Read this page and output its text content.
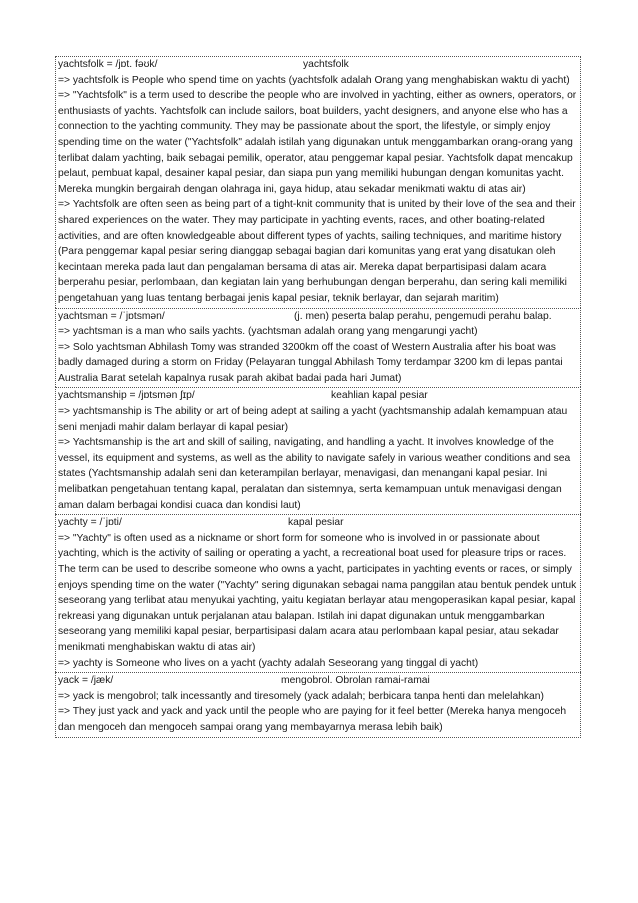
yachtsfolk = /jɒt. fəʊk/	yachtsfolk

=> yachtsfolk is People who spend time on yachts (yachtsfolk adalah Orang yang menghabiskan waktu di yacht)

=> "Yachtsfolk" is a term used to describe the people who are involved in yachting, either as owners, operators, or enthusiasts of yachts. Yachtsfolk can include sailors, boat builders, yacht designers, and anyone else who has a connection to the yachting community. They may be passionate about the sport, the lifestyle, or simply enjoy spending time on the water ("Yachtsfolk" adalah istilah yang digunakan untuk menggambarkan orang-orang yang terlibat dalam yachting, baik sebagai pemilik, operator, atau penggemar kapal pesiar. Yachtsfolk dapat mencakup pelaut, pembuat kapal, desainer kapal pesiar, dan siapa pun yang memiliki hubungan dengan komunitas yacht. Mereka mungkin bergairah dengan olahraga ini, gaya hidup, atau sekadar menikmati waktu di atas air)

=> Yachtsfolk are often seen as being part of a tight-knit community that is united by their love of the sea and their shared experiences on the water. They may participate in yachting events, races, and other boating-related activities, and are often knowledgeable about different types of yachts, sailing techniques, and maritime history (Para penggemar kapal pesiar sering dianggap sebagai bagian dari komunitas yang erat yang disatukan oleh kecintaan mereka pada laut dan pengalaman bersama di atas air. Mereka dapat berpartisipasi dalam acara berperahu pesiar, perlombaan, dan kegiatan lain yang berhubungan dengan berperahu, dan sering kali memiliki pengetahuan yang luas tentang berbagai jenis kapal pesiar, teknik berlayar, dan sejarah maritim)

yachtsman = /ˈjɒtsmən/	(j. men) peserta balap perahu, pengemudi perahu balap.

=> yachtsman is a man who sails yachts. (yachtsman adalah orang yang mengarungi yacht)

=> Solo yachtsman Abhilash Tomy was stranded 3200km off the coast of Western Australia after his boat was badly damaged during a storm on Friday (Pelayaran tunggal Abhilash Tomy terdampar 3200 km di lepas pantai Australia Barat setelah kapalnya rusak parah akibat badai pada hari Jumat)

yachtsmanship = /jɒtsmən ʃɪp/	keahlian kapal pesiar

=> yachtsmanship is The ability or art of being adept at sailing a yacht (yachtsmanship adalah kemampuan atau seni menjadi mahir dalam berlayar di kapal pesiar)

=> Yachtsmanship is the art and skill of sailing, navigating, and handling a yacht. It involves knowledge of the vessel, its equipment and systems, as well as the ability to navigate safely in various weather conditions and sea states (Yachtsmanship adalah seni dan keterampilan berlayar, menavigasi, dan menangani kapal pesiar. Ini melibatkan pengetahuan tentang kapal, peralatan dan sistemnya, serta kemampuan untuk menavigasi dengan aman dalam berbagai kondisi cuaca dan kondisi laut)

yachty = /ˈjɒti/	kapal pesiar

=> "Yachty" is often used as a nickname or short form for someone who is involved in or passionate about yachting, which is the activity of sailing or operating a yacht, a recreational boat used for pleasure trips or races. The term can be used to describe someone who owns a yacht, participates in yachting events or races, or simply enjoys spending time on the water ("Yachty" sering digunakan sebagai nama panggilan atau bentuk pendek untuk seseorang yang terlibat atau menyukai yachting, yaitu kegiatan berlayar atau mengoperasikan kapal pesiar, kapal rekreasi yang digunakan untuk perjalanan atau balapan. Istilah ini dapat digunakan untuk menggambarkan seseorang yang memiliki kapal pesiar, berpartisipasi dalam acara atau perlombaan kapal pesiar, atau sekadar menikmati menghabiskan waktu di atas air)

=> yachty is Someone who lives on a yacht (yachty adalah Seseorang yang tinggal di yacht)

yack = /jæk/	mengobrol. Obrolan ramai-ramai

=> yack is mengobrol; talk incessantly and tiresomely (yack adalah; berbicara tanpa henti dan melelahkan)

=> They just yack and yack and yack until the people who are paying for it feel better (Mereka hanya mengoceh dan mengoceh dan mengoceh sampai orang yang membayarnya merasa lebih baik)
